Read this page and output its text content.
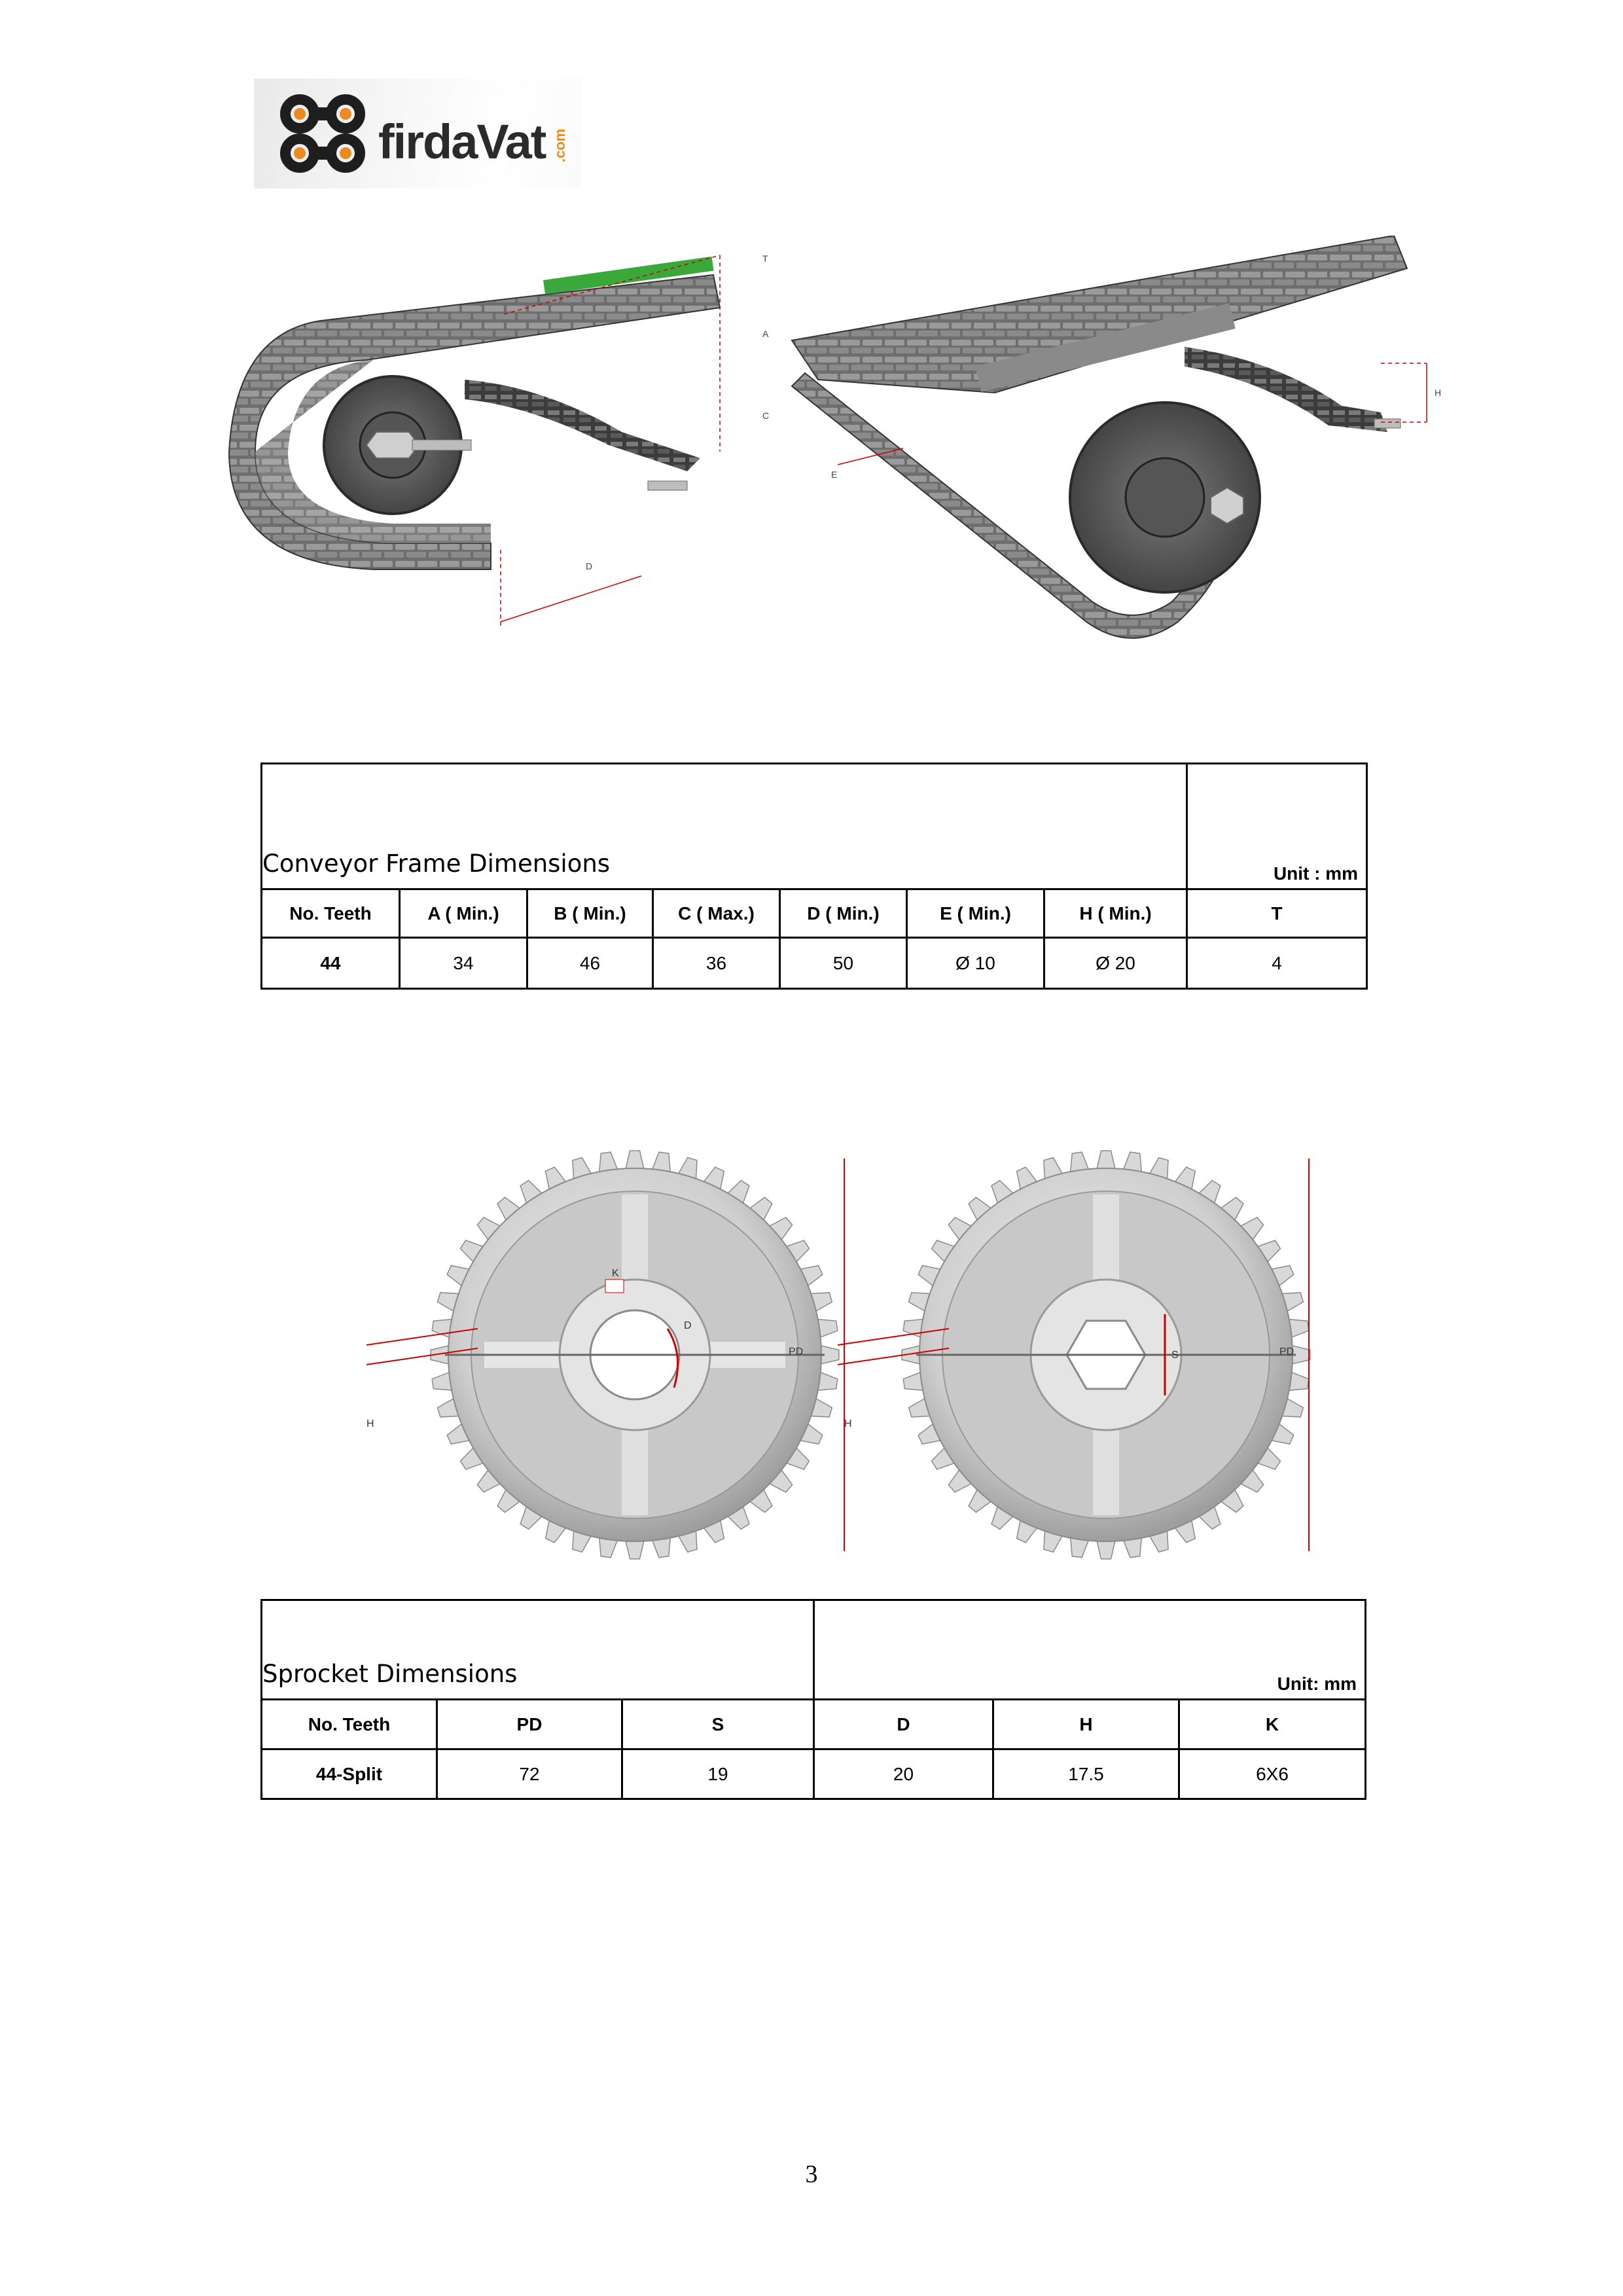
firdaVat .com
T
A
C
D
E
H
Conveyor Frame Dimensions							Unit : mm

No. Teeth	A ( Min.)	B ( Min.)	C ( Max.)	D ( Min.)	E ( Min.)	H ( Min.)	T
44	34	46	36	50	Ø 10	Ø 20	4
K
D
PD
H
S	PD
H
Sprocket Dimensions			Unit: mm		

No. Teeth	PD	S	D	H	K
44-Split	72	19	20	17.5	6X6
3
